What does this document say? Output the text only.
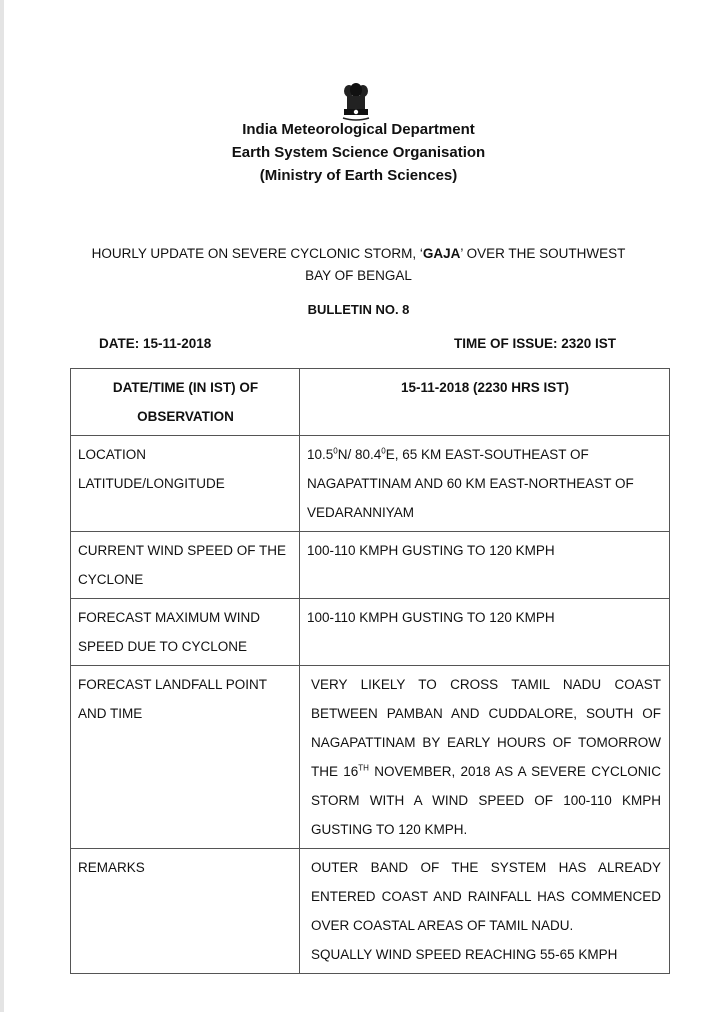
India Meteorological Department
Earth System Science Organisation
(Ministry of Earth Sciences)
HOURLY UPDATE ON SEVERE CYCLONIC STORM, ‘GAJA’ OVER THE SOUTHWEST
BAY OF BENGAL
BULLETIN NO. 8
DATE: 15-11-2018	TIME OF ISSUE: 2320 IST
DATE/TIME (IN IST) OF OBSERVATION	15-11-2018 (2230 HRS IST)
LOCATION LATITUDE/LONGITUDE	10.5$^0$N/ 80.4$^0$E, 65 KM EAST-SOUTHEAST OF NAGAPATTINAM AND 60 KM EAST-NORTHEAST OF VEDARANNIYAM
CURRENT WIND SPEED OF THE CYCLONE	100-110 KMPH GUSTING TO 120 KMPH
FORECAST MAXIMUM WIND SPEED DUE TO CYCLONE	100-110 KMPH GUSTING TO 120 KMPH
FORECAST LANDFALL POINT AND TIME	VERY LIKELY TO CROSS TAMIL NADU COAST BETWEEN PAMBAN AND CUDDALORE, SOUTH OF NAGAPATTINAM BY EARLY HOURS OF TOMORROW THE 16TH NOVEMBER, 2018 AS A SEVERE CYCLONIC STORM WITH A WIND SPEED OF 100-110 KMPH GUSTING TO 120 KMPH.
REMARKS	OUTER BAND OF THE SYSTEM HAS ALREADY ENTERED COAST AND RAINFALL HAS COMMENCED OVER COASTAL AREAS OF TAMIL NADU.
SQUALLY WIND SPEED REACHING 55-65 KMPH
